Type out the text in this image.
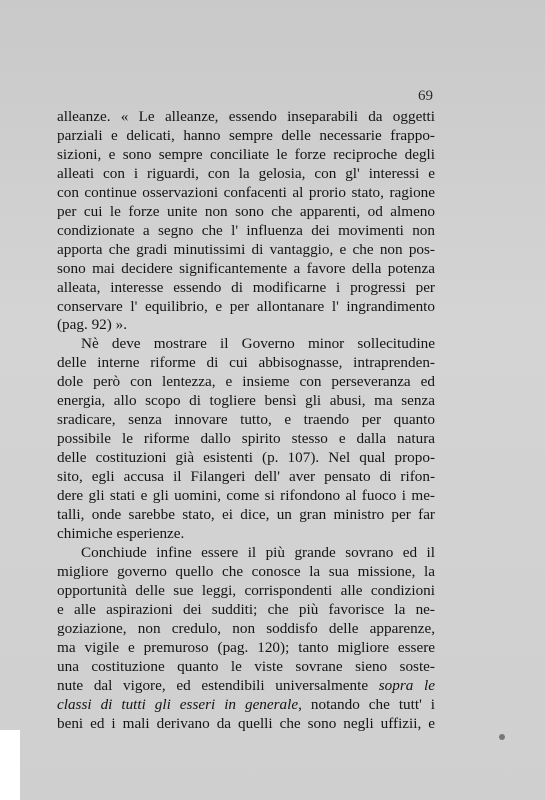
69
alleanze. « Le alleanze, essendo inseparabili da oggetti
parziali e delicati, hanno sempre delle necessarie frappo-
sizioni, e sono sempre conciliate le forze reciproche degli
alleati con i riguardi, con la gelosia, con gl' interessi e
con continue osservazioni confacenti al prorio stato, ragione
per cui le forze unite non sono che apparenti, od almeno
condizionate a segno che l' influenza dei movimenti non
apporta che gradi minutissimi di vantaggio, e che non pos-
sono mai decidere significantemente a favore della potenza
alleata, interesse essendo di modificarne i progressi per
conservare l' equilibrio, e per allontanare l' ingrandimento
(pag. 92) ».
Nè deve mostrare il Governo minor sollecitudine
delle interne riforme di cui abbisognasse, intraprenden-
dole però con lentezza, e insieme con perseveranza ed
energia, allo scopo di togliere bensì gli abusi, ma senza
sradicare, senza innovare tutto, e traendo per quanto
possibile le riforme dallo spirito stesso e dalla natura
delle costituzioni già esistenti (p. 107). Nel qual propo-
sito, egli accusa il Filangeri dell' aver pensato di rifon-
dere gli stati e gli uomini, come si rifondono al fuoco i me-
talli, onde sarebbe stato, ei dice, un gran ministro per far
chimiche esperienze.
Conchiude infine essere il più grande sovrano ed il
migliore governo quello che conosce la sua missione, la
opportunità delle sue leggi, corrispondenti alle condizioni
e alle aspirazioni dei sudditi; che più favorisce la ne-
goziazione, non credulo, non soddisfo delle apparenze,
ma vigile e premuroso (pag. 120); tanto migliore essere
una costituzione quanto le viste sovrane sieno soste-
nute dal vigore, ed estendibili universalmente sopra le
classi di tutti gli esseri in generale, notando che tutt' i
beni ed i mali derivano da quelli che sono negli uffizii, e
